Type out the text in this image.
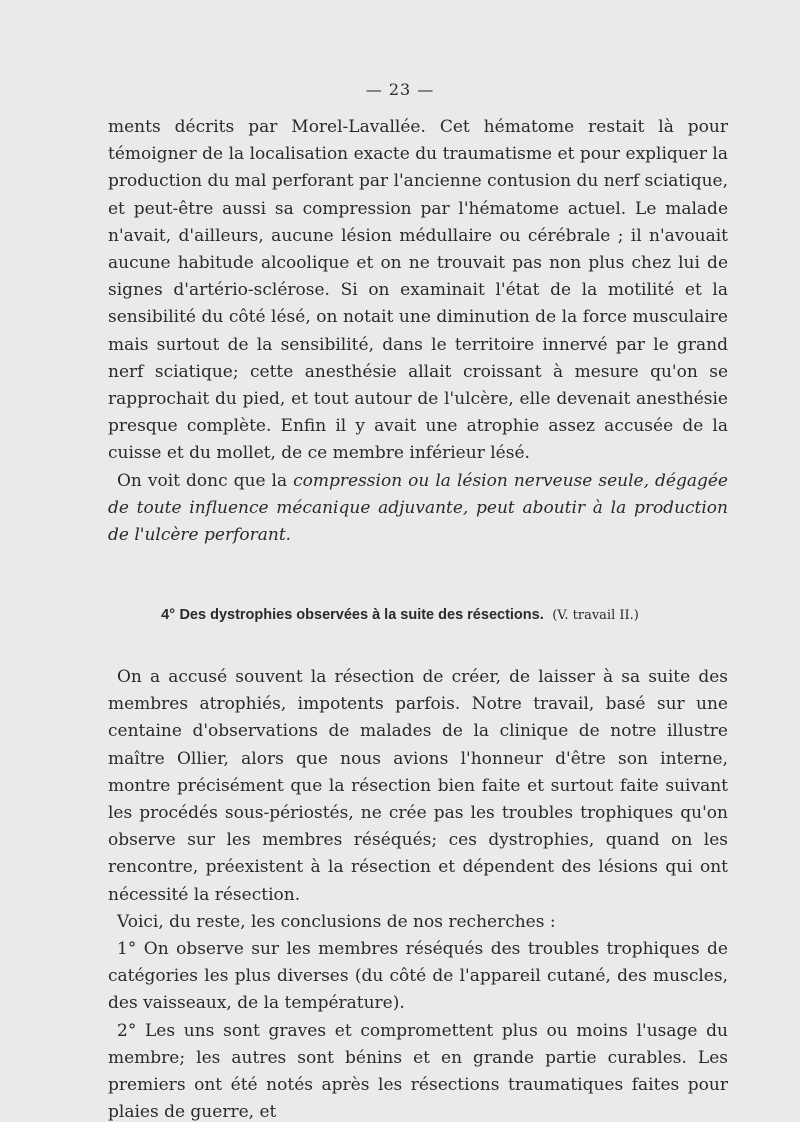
— 23 —

ments décrits par Morel-Lavallée. Cet hématome restait là pour témoigner de la localisation exacte du traumatisme et pour expliquer la production du mal perforant par l'ancienne contusion du nerf sciatique, et peut-être aussi sa compression par l'hématome actuel. Le malade n'avait, d'ailleurs, aucune lésion médullaire ou cérébrale ; il n'avouait aucune habitude alcoolique et on ne trouvait pas non plus chez lui de signes d'artério-sclérose. Si on examinait l'état de la motilité et la sensibilité du côté lésé, on notait une diminution de la force musculaire mais surtout de la sensibilité, dans le territoire innervé par le grand nerf sciatique; cette anesthésie allait croissant à mesure qu'on se rapprochait du pied, et tout autour de l'ulcère, elle devenait anesthésie presque complète. Enfin il y avait une atrophie assez accusée de la cuisse et du mollet, de ce membre inférieur lésé.

On voit donc que la compression ou la lésion nerveuse seule, dégagée de toute influence mécanique adjuvante, peut aboutir à la production de l'ulcère perforant.

4° Des dystrophies observées à la suite des résections. (V. travail II.)

On a accusé souvent la résection de créer, de laisser à sa suite des membres atrophiés, impotents parfois. Notre travail, basé sur une centaine d'observations de malades de la clinique de notre illustre maître Ollier, alors que nous avions l'honneur d'être son interne, montre précisément que la résection bien faite et surtout faite suivant les procédés sous-périostés, ne crée pas les troubles trophiques qu'on observe sur les membres réséqués; ces dystrophies, quand on les rencontre, préexistent à la résection et dépendent des lésions qui ont nécessité la résection.

Voici, du reste, les conclusions de nos recherches :

1° On observe sur les membres réséqués des troubles trophiques de catégories les plus diverses (du côté de l'appareil cutané, des muscles, des vaisseaux, de la température).

2° Les uns sont graves et compromettent plus ou moins l'usage du membre; les autres sont bénins et en grande partie curables. Les premiers ont été notés après les résections traumatiques faites pour plaies de guerre, et
